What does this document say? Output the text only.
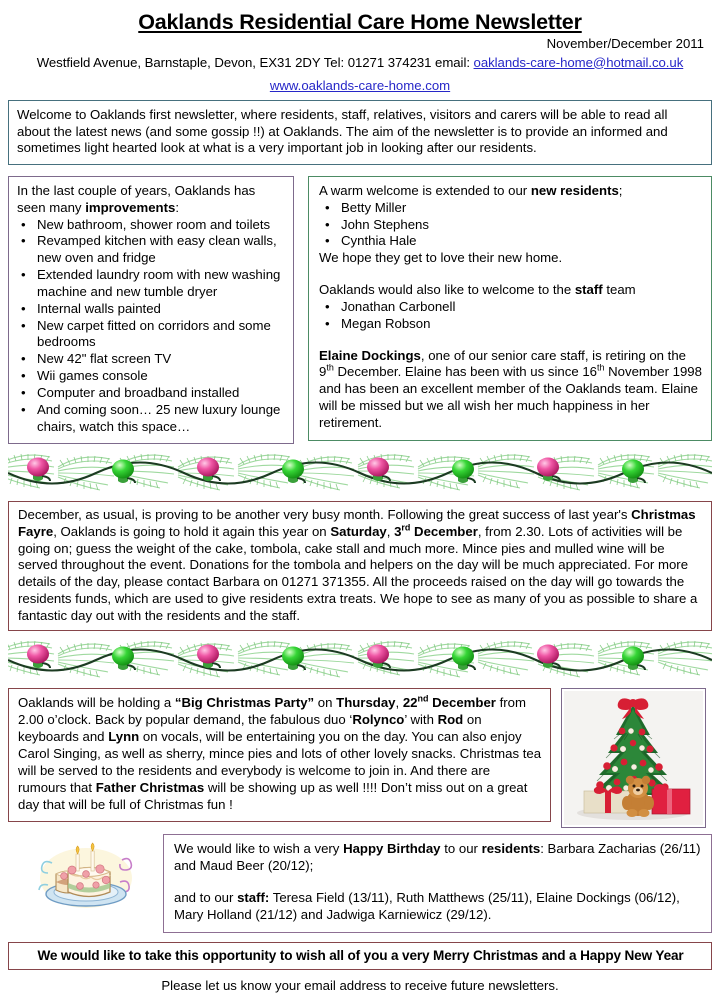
Oaklands Residential Care Home Newsletter
November/December 2011
Westfield Avenue, Barnstaple, Devon, EX31 2DY Tel: 01271 374231 email: oaklands-care-home@hotmail.co.uk
www.oaklands-care-home.com
Welcome to Oaklands first newsletter, where residents, staff, relatives, visitors and carers will be able to read all about the latest news (and some gossip !!) at Oaklands. The aim of the newsletter is to provide an informed and sometimes light hearted look at what is a very important job in looking after our residents.
In the last couple of years, Oaklands has seen many improvements:
• New bathroom, shower room and toilets
• Revamped kitchen with easy clean walls, new oven and fridge
• Extended laundry room with new washing machine and new tumble dryer
• Internal walls painted
• New carpet fitted on corridors and some bedrooms
• New 42" flat screen TV
• Wii games console
• Computer and broadband installed
• And coming soon… 25 new luxury lounge chairs, watch this space…
A warm welcome is extended to our new residents;
• Betty Miller
• John Stephens
• Cynthia Hale
We hope they get to love their new home.
Oaklands would also like to welcome to the staff team
• Jonathan Carbonell
• Megan Robson
Elaine Dockings, one of our senior care staff, is retiring on the 9th December. Elaine has been with us since 16th November 1998 and has been an excellent member of the Oaklands team. Elaine will be missed but we all wish her much happiness in her retirement.
December, as usual, is proving to be another very busy month. Following the great success of last year's Christmas Fayre, Oaklands is going to hold it again this year on Saturday, 3rd December, from 2.30. Lots of activities will be going on; guess the weight of the cake, tombola, cake stall and much more. Mince pies and mulled wine will be served throughout the event. Donations for the tombola and helpers on the day will be much appreciated. For more details of the day, please contact Barbara on 01271 371355. All the proceeds raised on the day will go towards the residents funds, which are used to give residents extra treats. We hope to see as many of you as possible to share a fantastic day out with the residents and the staff.
Oaklands will be holding a “Big Christmas Party” on Thursday, 22nd December from 2.00 o’clock. Back by popular demand, the fabulous duo ‘Rolynco’ with Rod on keyboards and Lynn on vocals, will be entertaining you on the day. You can also enjoy Carol Singing, as well as sherry, mince pies and lots of other lovely snacks. Christmas tea will be served to the residents and everybody is welcome to join in. And there are rumours that Father Christmas will be showing up as well !!!! Don’t miss out on a great day that will be full of Christmas fun !
We would like to wish a very Happy Birthday to our residents: Barbara Zacharias (26/11) and Maud Beer (20/12);
and to our staff: Teresa Field (13/11), Ruth Matthews (25/11), Elaine Dockings (06/12), Mary Holland (21/12) and Jadwiga Karniewicz (29/12).
We would like to take this opportunity to wish all of you a very Merry Christmas and a Happy New Year
Please let us know your email address to receive future newsletters.
